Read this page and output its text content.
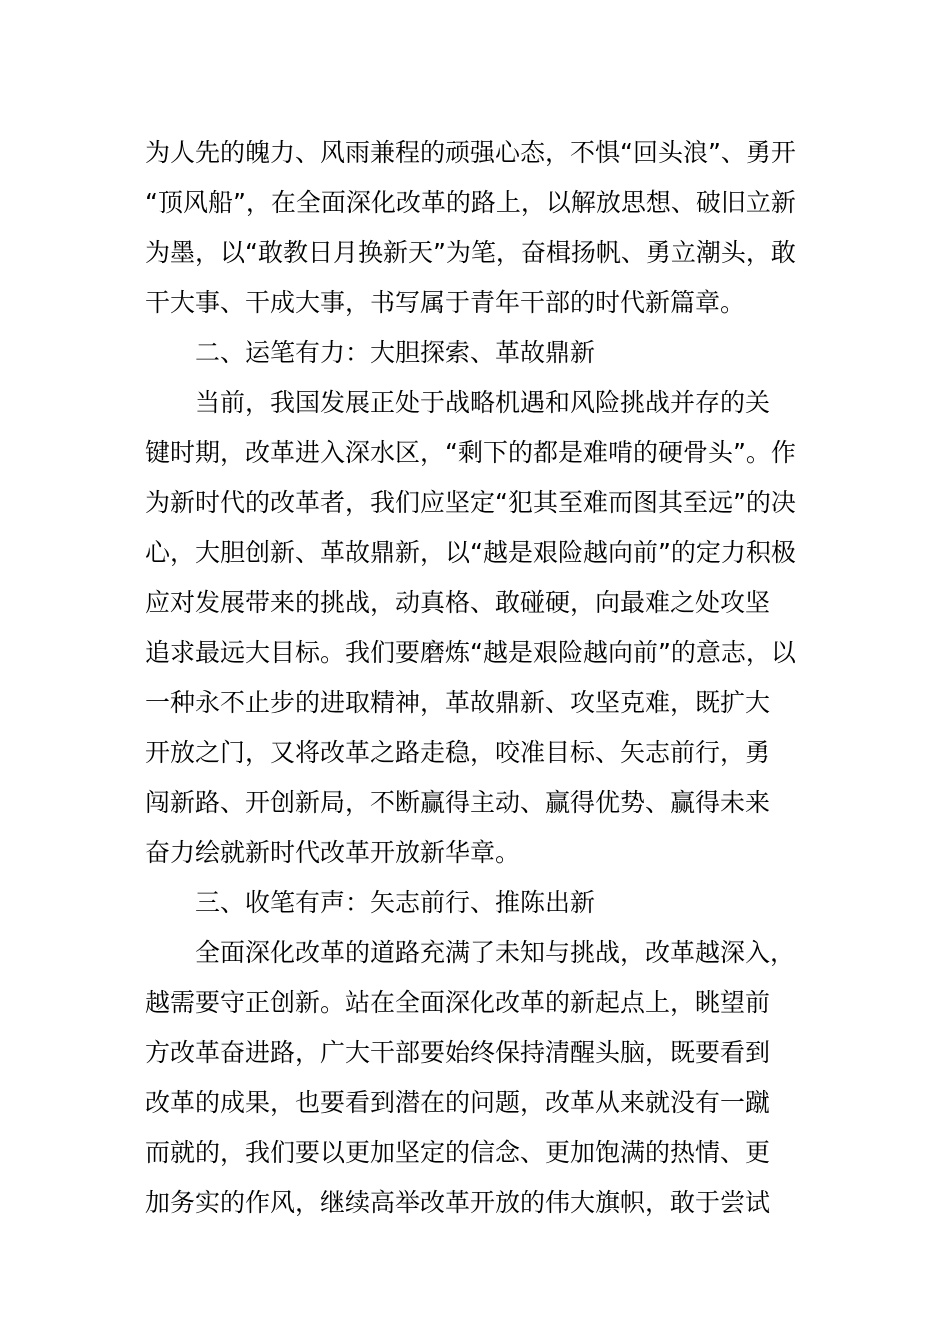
为人先的魄力、风雨兼程的顽强心态，不惧“回头浪”、勇开
“顶风船”，在全面深化改革的路上，以解放思想、破旧立新
为墨，以“敢教日月换新天”为笔，奋楫扬帆、勇立潮头，敢
干大事、干成大事，书写属于青年干部的时代新篇章。
二、运笔有力：大胆探索、革故鼎新
当前，我国发展正处于战略机遇和风险挑战并存的关
键时期，改革进入深水区，“剩下的都是难啃的硬骨头”。作
为新时代的改革者，我们应坚定“犯其至难而图其至远”的决
心，大胆创新、革故鼎新，以“越是艰险越向前”的定力积极
应对发展带来的挑战，动真格、敢碰硬，向最难之处攻坚
追求最远大目标。我们要磨炼“越是艰险越向前”的意志，以
一种永不止步的进取精神，革故鼎新、攻坚克难，既扩大
开放之门，又将改革之路走稳，咬准目标、矢志前行，勇
闯新路、开创新局，不断赢得主动、赢得优势、赢得未来
奋力绘就新时代改革开放新华章。
三、收笔有声：矢志前行、推陈出新
全面深化改革的道路充满了未知与挑战，改革越深入，
越需要守正创新。站在全面深化改革的新起点上，眺望前
方改革奋进路，广大干部要始终保持清醒头脑，既要看到
改革的成果，也要看到潜在的问题，改革从来就没有一蹴
而就的，我们要以更加坚定的信念、更加饱满的热情、更
加务实的作风，继续高举改革开放的伟大旗帜，敢于尝试
